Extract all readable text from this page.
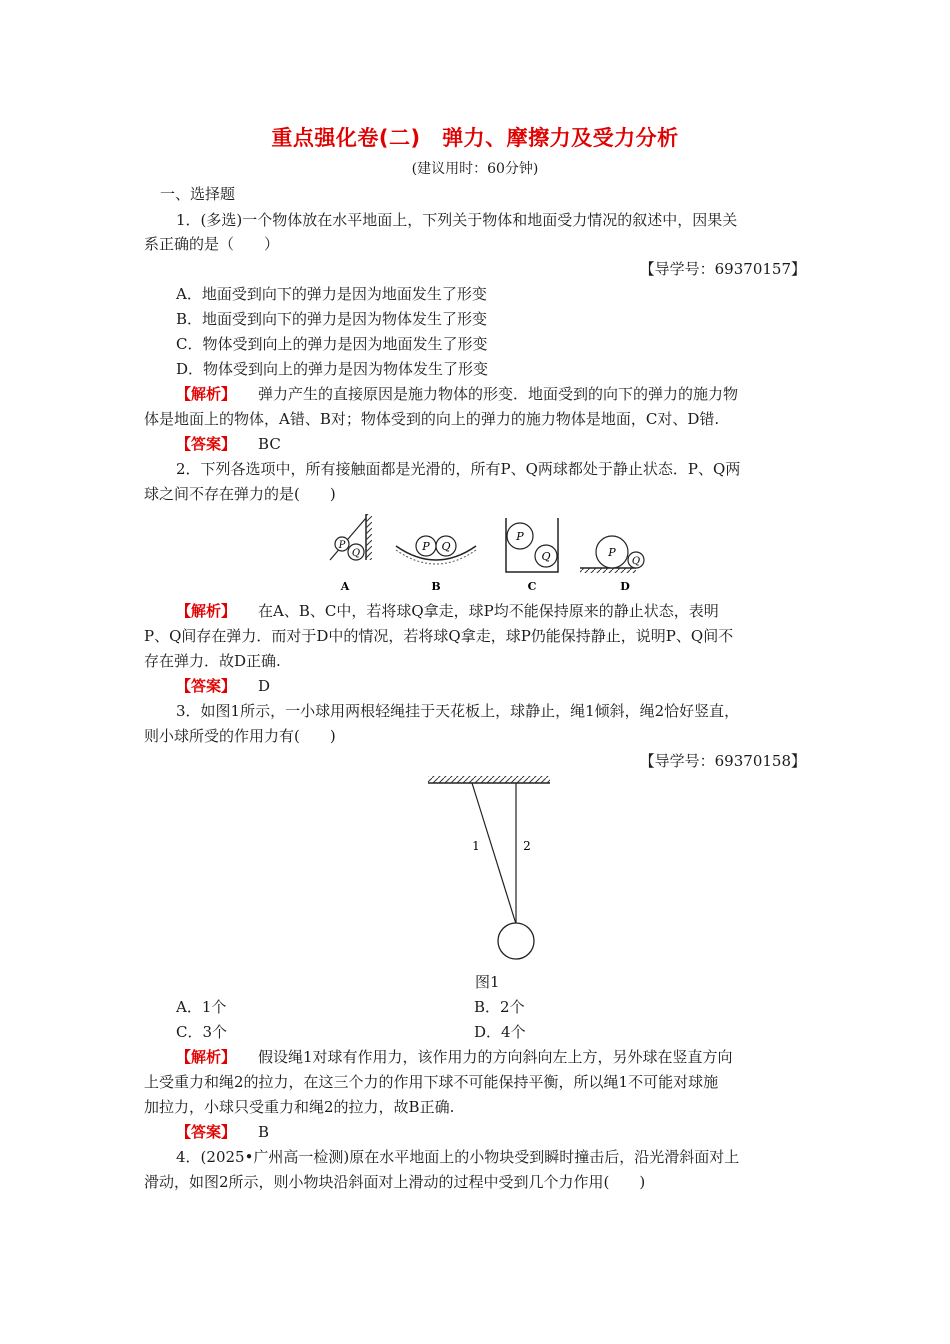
重点强化卷(二)　弹力、摩擦力及受力分析
(建议用时：60分钟)
一、选择题
1．(多选)一个物体放在水平地面上，下列关于物体和地面受力情况的叙述中，因果关
系正确的是（　　）
【导学号：69370157】
A．地面受到向下的弹力是因为地面发生了形变
B．地面受到向下的弹力是因为物体发生了形变
C．物体受到向上的弹力是因为地面发生了形变
D．物体受到向上的弹力是因为物体发生了形变
【解析】 弹力产生的直接原因是施力物体的形变．地面受到的向下的弹力的施力物
体是地面上的物体，A错、B对；物体受到的向上的弹力的施力物体是地面，C对、D错.
【答案】 BC
2．下列各选项中，所有接触面都是光滑的，所有P、Q两球都处于静止状态．P、Q两
球之间不存在弹力的是(　　)
P
Q
A
P Q
B
P
Q
C
P
Q
D
【解析】 在A、B、C中，若将球Q拿走，球P均不能保持原来的静止状态，表明
P、Q间存在弹力．而对于D中的情况，若将球Q拿走，球P仍能保持静止，说明P、Q间不
存在弹力．故D正确.
【答案】 D
3．如图1所示，一小球用两根轻绳挂于天花板上，球静止，绳1倾斜，绳2恰好竖直，
则小球所受的作用力有(　　)
【导学号：69370158】
1	2
图1
A．1个	B．2个
C．3个	D．4个
【解析】 假设绳1对球有作用力，该作用力的方向斜向左上方，另外球在竖直方向
上受重力和绳2的拉力，在这三个力的作用下球不可能保持平衡，所以绳1不可能对球施
加拉力，小球只受重力和绳2的拉力，故B正确.
【答案】 B
4．(2025•广州高一检测)原在水平地面上的小物块受到瞬时撞击后，沿光滑斜面对上
滑动，如图2所示，则小物块沿斜面对上滑动的过程中受到几个力作用(　　)
